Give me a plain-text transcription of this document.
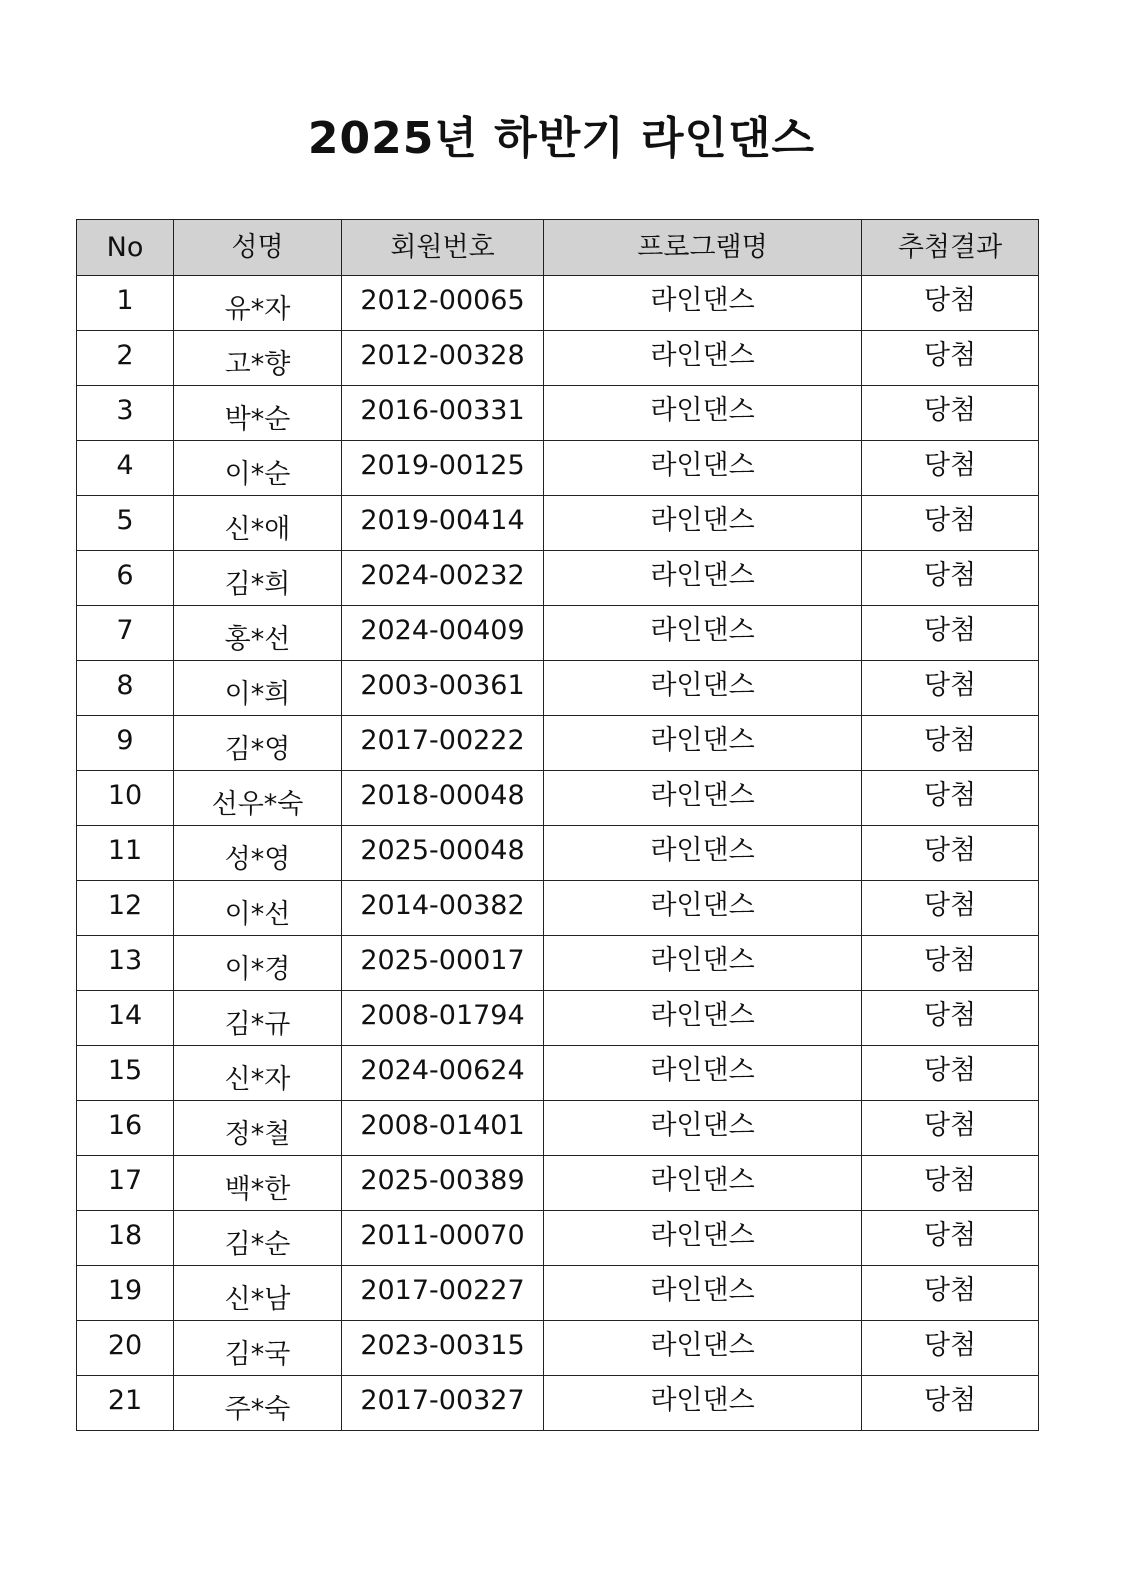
2025년 하반기 라인댄스
No	성명	회원번호	프로그램명	추첨결과
1	유*자	2012-00065	라인댄스	당첨
2	고*향	2012-00328	라인댄스	당첨
3	박*순	2016-00331	라인댄스	당첨
4	이*순	2019-00125	라인댄스	당첨
5	신*애	2019-00414	라인댄스	당첨
6	김*희	2024-00232	라인댄스	당첨
7	홍*선	2024-00409	라인댄스	당첨
8	이*희	2003-00361	라인댄스	당첨
9	김*영	2017-00222	라인댄스	당첨
10	선우*숙	2018-00048	라인댄스	당첨
11	성*영	2025-00048	라인댄스	당첨
12	이*선	2014-00382	라인댄스	당첨
13	이*경	2025-00017	라인댄스	당첨
14	김*규	2008-01794	라인댄스	당첨
15	신*자	2024-00624	라인댄스	당첨
16	정*철	2008-01401	라인댄스	당첨
17	백*한	2025-00389	라인댄스	당첨
18	김*순	2011-00070	라인댄스	당첨
19	신*남	2017-00227	라인댄스	당첨
20	김*국	2023-00315	라인댄스	당첨
21	주*숙	2017-00327	라인댄스	당첨
